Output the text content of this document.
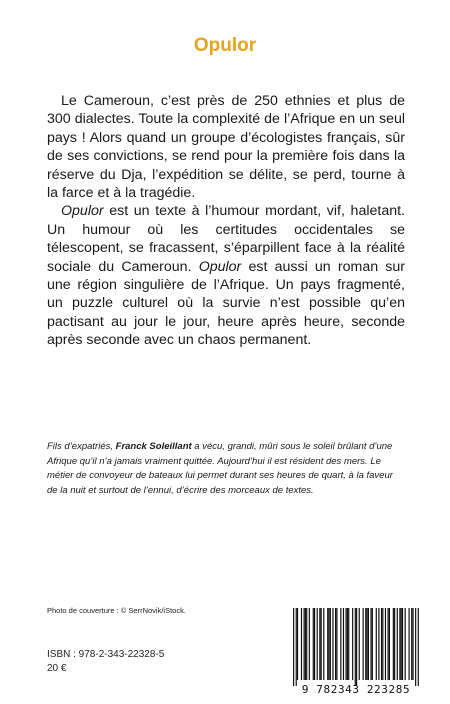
Opulor

Le Cameroun, c’est près de 250 ethnies et plus de 300 dialectes. Toute la complexité de l’Afrique en un seul pays ! Alors quand un groupe d’écologistes français, sûr de ses convictions, se rend pour la première fois dans la réserve du Dja, l’expédition se délite, se perd, tourne à la farce et à la tragédie.

Opulor est un texte à l’humour mordant, vif, haletant. Un humour où les certitudes occidentales se télescopent, se fracassent, s’éparpillent face à la réalité sociale du Cameroun. Opulor est aussi un roman sur une région singulière de l’Afrique. Un pays fragmenté, un puzzle culturel où la survie n’est possible qu’en pactisant au jour le jour, heure après heure, seconde après seconde avec un chaos permanent.

Fils d’expatriés, Franck Soleillant a vécu, grandi, mûri sous le soleil brûlant d’une Afrique qu’il n’a jamais vraiment quittée. Aujourd’hui il est résident des mers. Le métier de convoyeur de bateaux lui permet durant ses heures de quart, à la faveur de la nuit et surtout de l’ennui, d’écrire des morceaux de textes.
Photo de couverture : © SerrNovik/iStock.
ISBN : 978-2-343-22328-5
20 €
9 782343 223285
